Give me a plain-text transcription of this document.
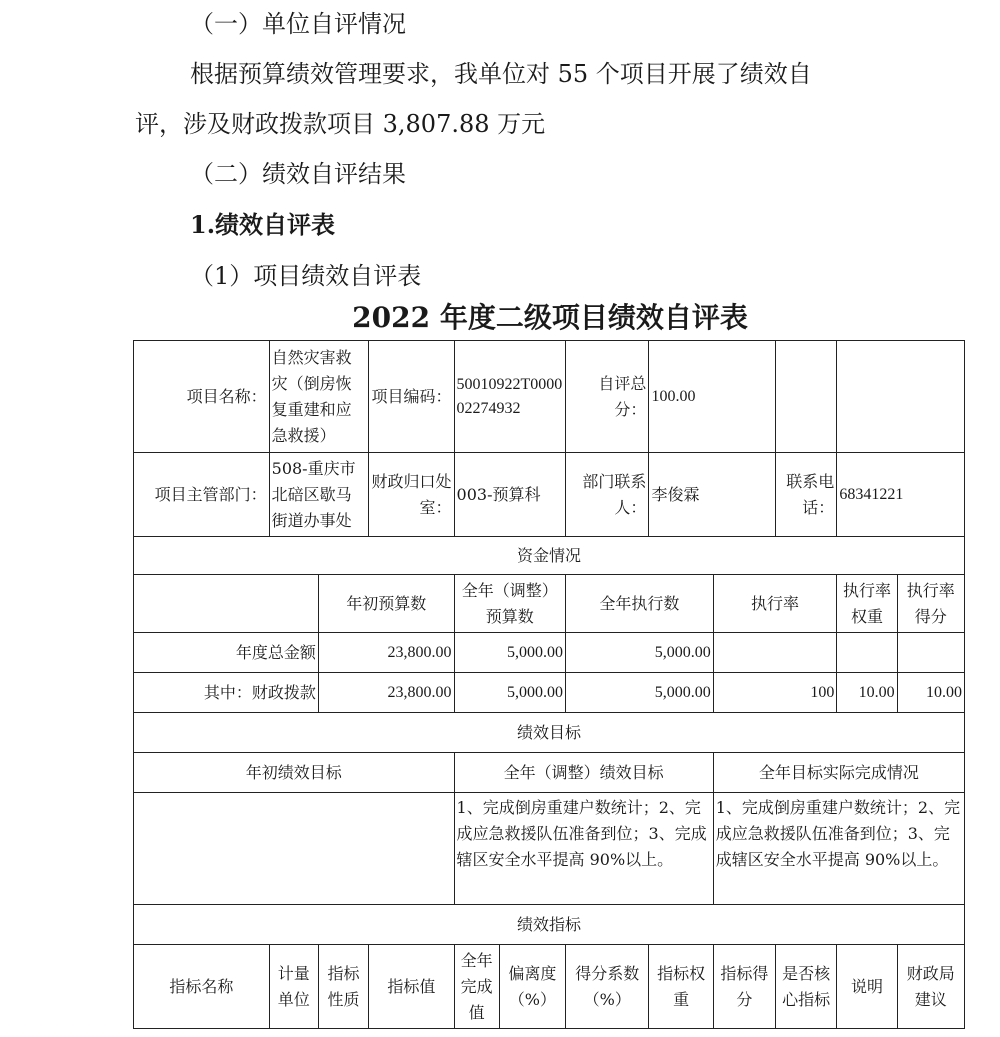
（一）单位自评情况
根据预算绩效管理要求，我单位对 55 个项目开展了绩效自
评，涉及财政拨款项目 3,807.88 万元
（二）绩效自评结果
1.绩效自评表
（1）项目绩效自评表
2022 年度二级项目绩效自评表
项目名称：	自然灾害救灾（倒房恢复重建和应急救援）		项目编码：	50010922T000002274932		自评总分：	100.00				
项目主管部门：	508-重庆市北碚区歇马街道办事处		财政归口处室：	003-预算科		部门联系人：	李俊霖		联系电话：	68341221	
资金情况											
		年初预算数		全年（调整）预算数		全年执行数		执行率		执行率权重	执行率得分
年度总金额		23,800.00		5,000.00		5,000.00					
其中：财政拨款		23,800.00		5,000.00		5,000.00		100		10.00	10.00
绩效目标											
年初绩效目标				全年（调整）绩效目标				全年目标实际完成情况			
				1、完成倒房重建户数统计；2、完成应急救援队伍准备到位；3、完成辖区安全水平提高 90%以上。				1、完成倒房重建户数统计；2、完成应急救援队伍准备到位；3、完成辖区安全水平提高 90%以上。			
绩效指标											
指标名称	计量单位	指标性质	指标值	全年完成值	偏离度（%）	得分系数（%）	指标权重	指标得分	是否核心指标	说明	财政局建议
